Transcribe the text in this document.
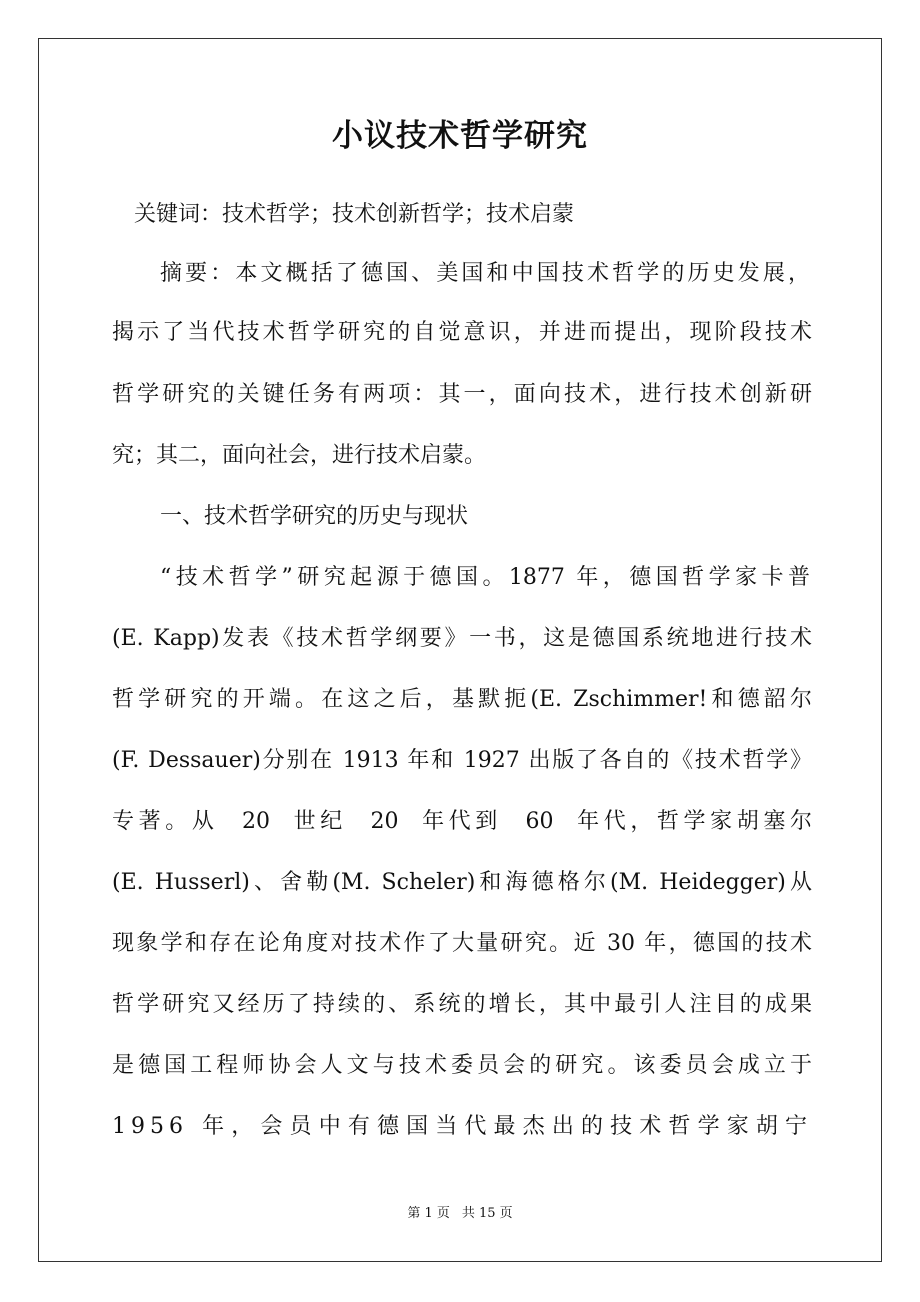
小议技术哲学研究

关键词：技术哲学；技术创新哲学；技术启蒙

摘要：本文概括了德国、美国和中国技术哲学的历史发展，

揭示了当代技术哲学研究的自觉意识，并进而提出，现阶段技术

哲学研究的关键任务有两项：其一，面向技术，进行技术创新研

究；其二，面向社会，进行技术启蒙。

一、技术哲学研究的历史与现状

“技术哲学”研究起源于德国。1877 年，德国哲学家卡普

(E. Kapp)发表《技术哲学纲要》一书，这是德国系统地进行技术

哲学研究的开端。在这之后，基默扼(E. Zschimmer!和德韶尔

(F. Dessauer)分别在 1913 年和 1927 出版了各自的《技术哲学》

专著。从 20 世纪 20 年代到 60 年代，哲学家胡塞尔

(E. Husserl)、舍勒(M. Scheler)和海德格尔(M. Heidegger)从

现象学和存在论角度对技术作了大量研究。近 30 年，德国的技术

哲学研究又经历了持续的、系统的增长，其中最引人注目的成果

是德国工程师协会人文与技术委员会的研究。该委员会成立于

1956 年，会员中有德国当代最杰出的技术哲学家胡宁

第 1 页 共 15 页
